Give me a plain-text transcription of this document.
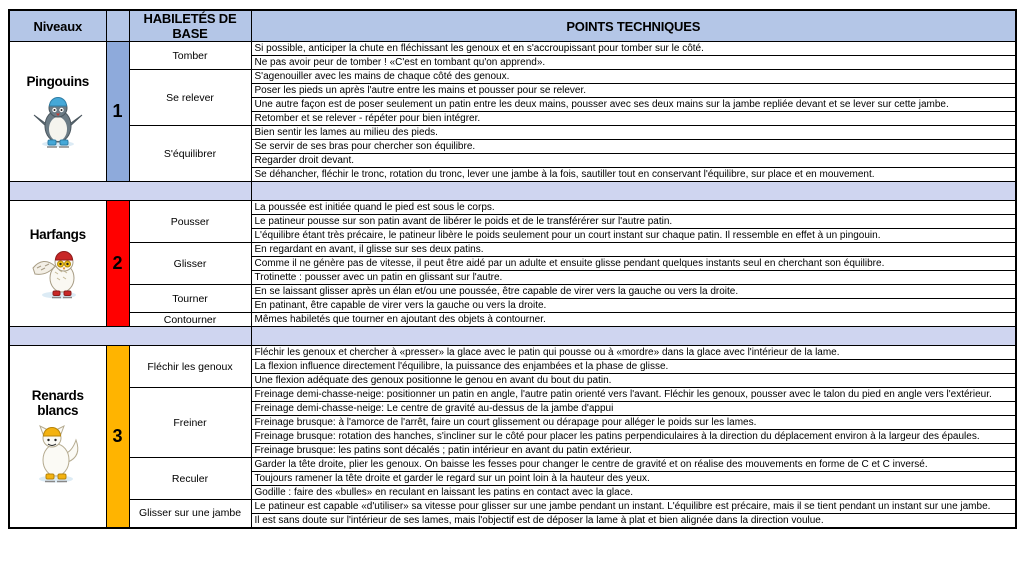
Niveaux		HABILETÉS DE BASE	POINTS TECHNIQUES

Pingouins	1	Tomber	Si possible, anticiper la chute en fléchissant les genoux et en s'accroupissant pour tomber sur le côté.
			Ne pas avoir peur de tomber ! «C'est en tombant qu'on apprend».
		Se relever	S'agenouiller avec les mains de chaque côté des genoux.
			Poser les pieds un après l'autre entre les mains et pousser pour se relever.
			Une autre façon est de poser seulement un patin entre les deux mains, pousser avec ses deux mains sur la jambe repliée devant et se lever sur cette jambe.
			Retomber et se relever - répéter pour bien intégrer.
		S'équilibrer	Bien sentir les lames au milieu des pieds.
			Se servir de ses bras pour chercher son équilibre.
			Regarder droit devant.
			Se déhancher, fléchir le tronc, rotation du tronc, lever une jambe à la fois, sautiller tout en conservant l'équilibre, sur place et en mouvement.

Harfangs	2	Pousser	La poussée est initiée quand le pied est sous le corps.
			Le patineur pousse sur son patin avant de libérer le poids et de le transférérer sur l'autre patin.
			L'équilibre étant très précaire, le patineur libère le poids seulement pour un court instant sur chaque patin. Il ressemble en effet à un pingouin.
		Glisser	En regardant en avant, il glisse sur ses deux patins.
			Comme il ne génère pas de vitesse, il peut être aidé par un adulte et ensuite glisse pendant quelques instants seul en cherchant son équilibre.
			Trotinette : pousser avec un patin en glissant sur l'autre.
		Tourner	En se laissant glisser après un élan et/ou une poussée, être capable de virer vers la gauche ou vers la droite.
			En patinant, être capable de virer vers la gauche ou vers la droite.
		Contourner	Mêmes habiletés que tourner en ajoutant des objets à contourner.

Renards blancs	3	Fléchir les genoux	Fléchir les genoux et chercher à «presser» la glace avec le patin qui pousse ou à «mordre» dans la glace avec l'intérieur de la lame.
			La flexion influence directement l'équilibre, la puissance des enjambées et la phase de glisse.
			Une flexion adéquate des genoux positionne le genou en avant du bout du patin.
		Freiner	Freinage demi-chasse-neige: positionner un patin en angle, l'autre patin orienté vers l'avant. Fléchir les genoux, pousser avec le talon du pied en angle vers l'extérieur.
			Freinage demi-chasse-neige: Le centre de gravité au-dessus de la jambe d'appui
			Freinage brusque: à l'amorce de l'arrêt, faire un court glissement ou dérapage pour alléger le poids sur les lames.
			Freinage brusque: rotation des hanches, s'incliner sur le côté pour placer les patins perpendiculaires à la direction du déplacement environ à la largeur des épaules.
			Freinage brusque: les patins sont décalés ; patin intérieur en avant du patin extérieur.
		Reculer	Garder la tête droite, plier les genoux. On baisse les fesses pour changer le centre de gravité et on réalise des mouvements en forme de C et C inversé.
			Toujours ramener la tête droite et garder le regard sur un point loin à la hauteur des yeux.
			Godille : faire des «bulles» en reculant en laissant les patins en contact avec la glace.
		Glisser sur une jambe	Le patineur est capable «d'utiliser» sa vitesse pour glisser sur une jambe pendant un instant. L'équilibre est précaire, mais il se tient pendant un instant sur une jambe.
			Il est sans doute sur l'intérieur de ses lames, mais l'objectif est de déposer la lame à plat et bien alignée dans la direction voulue.
